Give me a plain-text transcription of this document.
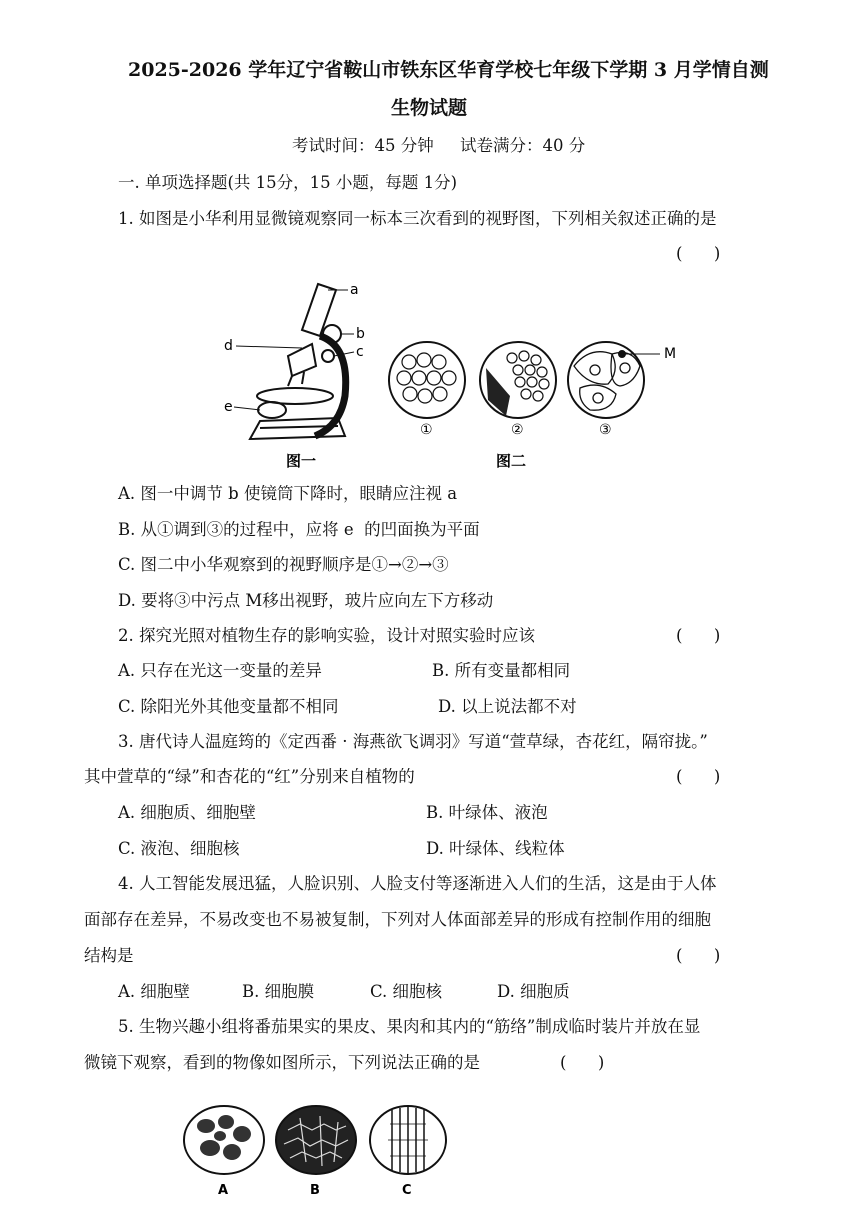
2025-2026 学年辽宁省鞍山市铁东区华育学校七年级下学期 3 月学情自测
生物试题
考试时间：45 分钟     试卷满分：40 分
一. 单项选择题(共 15分，15 小题，每题 1分)
1. 如图是小华利用显微镜观察同一标本三次看到的视野图，下列相关叙述正确的是
(      )
a
b
c
d
e
M
①	②	③
图一	图二
A. 图一中调节 b 使镜筒下降时，眼睛应注视 a
B. 从①调到③的过程中，应将 e  的凹面换为平面
C. 图二中小华观察到的视野顺序是①→②→③
D. 要将③中污点 M移出视野，玻片应向左下方移动
2. 探究光照对植物生存的影响实验，设计对照实验时应该	(      )
A. 只存在光这一变量的差异	B. 所有变量都相同
C. 除阳光外其他变量都不相同	D. 以上说法都不对
3. 唐代诗人温庭筠的《定西番 · 海燕欲飞调羽》写道“萱草绿，杏花红，隔帘拢。”
其中萱草的“绿”和杏花的“红”分别来自植物的	(      )
A. 细胞质、细胞壁	B. 叶绿体、液泡
C. 液泡、细胞核	D. 叶绿体、线粒体
4. 人工智能发展迅猛，人脸识别、人脸支付等逐渐进入人们的生活，这是由于人体
面部存在差异，不易改变也不易被复制，下列对人体面部差异的形成有控制作用的细胞
结构是	(      )
A. 细胞壁	B. 细胞膜	C. 细胞核	D. 细胞质
5. 生物兴趣小组将番茄果实的果皮、果肉和其内的“筋络”制成临时装片并放在显
微镜下观察，看到的物像如图所示，下列说法正确的是	(      )
A	B	C
